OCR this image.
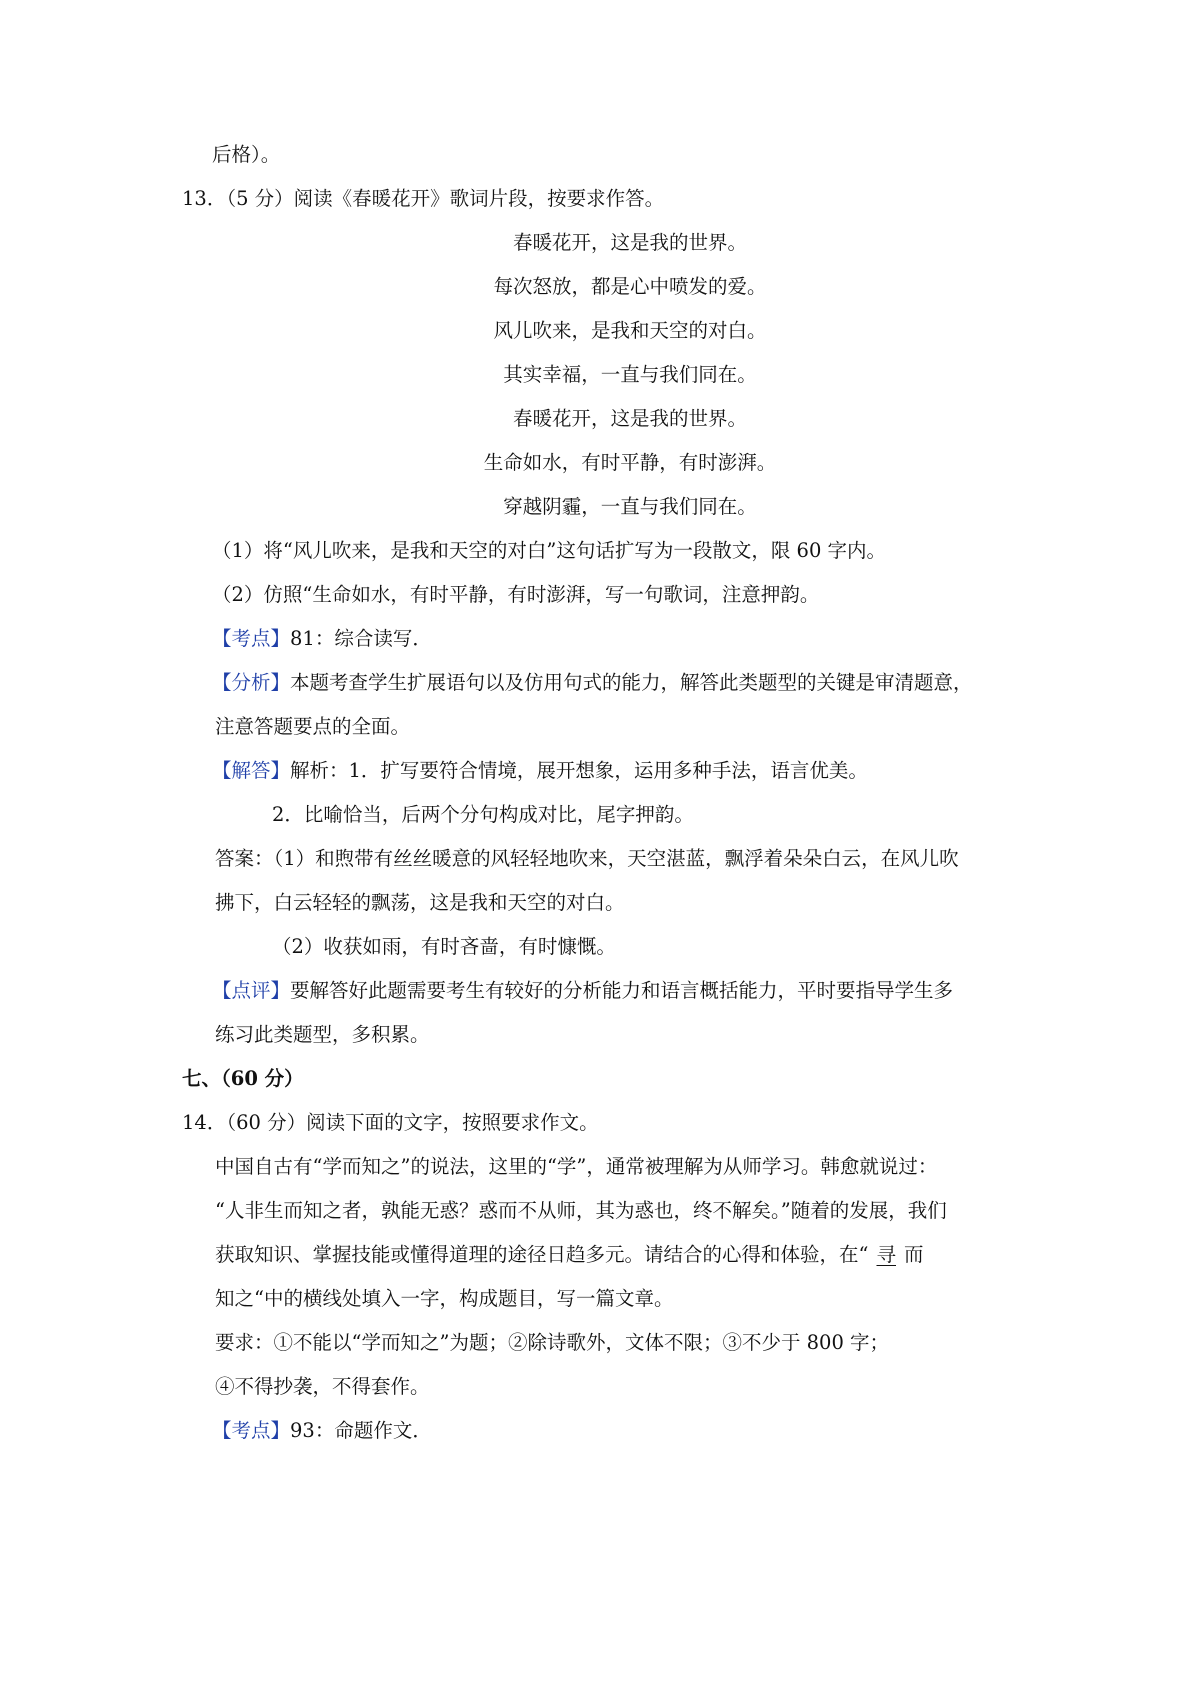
后格）。
13．（5 分）阅读《春暖花开》歌词片段，按要求作答。
春暖花开，这是我的世界。
每次怒放，都是心中喷发的爱。
风儿吹来，是我和天空的对白。
其实幸福，一直与我们同在。
春暖花开，这是我的世界。
生命如水，有时平静，有时澎湃。
穿越阴霾，一直与我们同在。
（1）将“风儿吹来，是我和天空的对白”这句话扩写为一段散文，限 60 字内。
（2）仿照“生命如水，有时平静，有时澎湃，写一句歌词，注意押韵。
【考点】81：综合读写．
【分析】本题考查学生扩展语句以及仿用句式的能力，解答此类题型的关键是审清题意，
注意答题要点的全面。
【解答】解析：1．扩写要符合情境，展开想象，运用多种手法，语言优美。
2．比喻恰当，后两个分句构成对比，尾字押韵。
答案：（1）和煦带有丝丝暖意的风轻轻地吹来，天空湛蓝，飘浮着朵朵白云，在风儿吹
拂下，白云轻轻的飘荡，这是我和天空的对白。
（2）收获如雨，有时吝啬，有时慷慨。
【点评】要解答好此题需要考生有较好的分析能力和语言概括能力，平时要指导学生多
练习此类题型，多积累。
七、（60 分）
14．（60 分）阅读下面的文字，按照要求作文。
中国自古有“学而知之”的说法，这里的“学”，通常被理解为从师学习。韩愈就说过：
“人非生而知之者，孰能无惑？惑而不从师，其为惑也，终不解矣。”随着的发展，我们
获取知识、掌握技能或懂得道理的途径日趋多元。请结合的心得和体验，在“ 寻 而
知之“中的横线处填入一字，构成题目，写一篇文章。
要求：①不能以“学而知之”为题；②除诗歌外，文体不限；③不少于 800 字；
④不得抄袭，不得套作。
【考点】93：命题作文．
